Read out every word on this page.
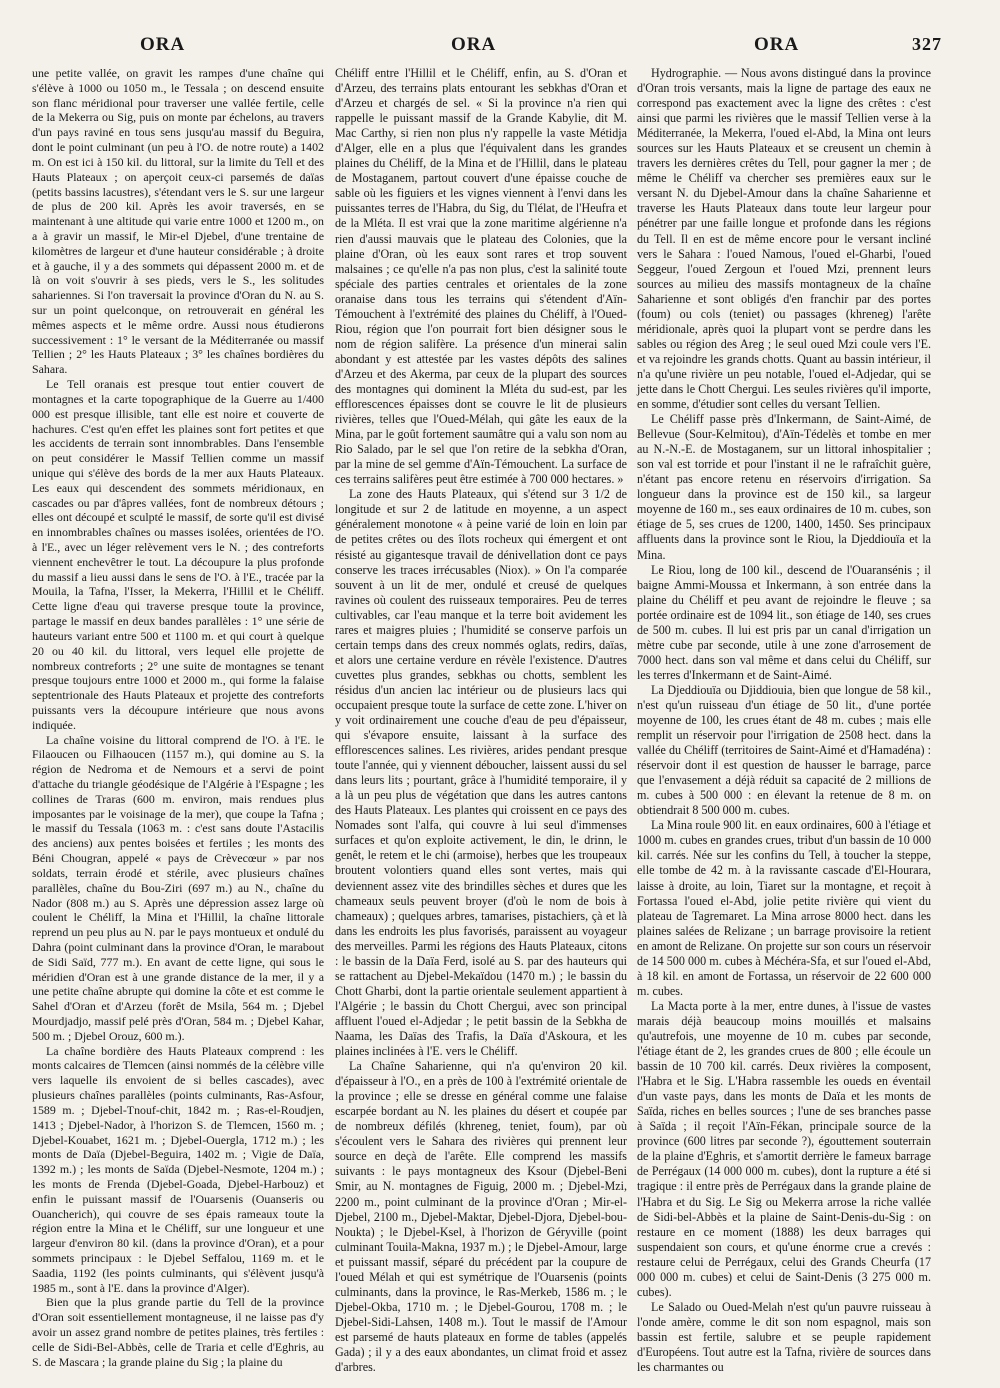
ORA	ORA	ORA	327

une petite vallée, on gravit les rampes d'une chaîne qui s'élève à 1000 ou 1050 m., le Tessala ; on descend ensuite son flanc méridional pour traverser une vallée fertile, celle de la Mekerra ou Sig, puis on monte par échelons, au travers d'un pays raviné en tous sens jusqu'au massif du Beguira, dont le point culminant (un peu à l'O. de notre route) a 1402 m. On est ici à 150 kil. du littoral, sur la limite du Tell et des Hauts Plateaux ; on aperçoit ceux-ci parsemés de daïas (petits bassins lacustres), s'étendant vers le S. sur une largeur de plus de 200 kil. Après les avoir traversés, en se maintenant à une altitude qui varie entre 1000 et 1200 m., on a à gravir un massif, le Mir-el Djebel, d'une trentaine de kilomètres de largeur et d'une hauteur considérable ; à droite et à gauche, il y a des sommets qui dépassent 2000 m. et de là on voit s'ouvrir à ses pieds, vers le S., les solitudes sahariennes. Si l'on traversait la province d'Oran du N. au S. sur un point quelconque, on retrouverait en général les mêmes aspects et le même ordre. Aussi nous étudierons successivement : 1° le versant de la Méditerranée ou massif Tellien ; 2° les Hauts Plateaux ; 3° les chaînes bordières du Sahara.

Le Tell oranais est presque tout entier couvert de montagnes et la carte topographique de la Guerre au 1/400 000 est presque illisible, tant elle est noire et couverte de hachures. C'est qu'en effet les plaines sont fort petites et que les accidents de terrain sont innombrables. Dans l'ensemble on peut considérer le Massif Tellien comme un massif unique qui s'élève des bords de la mer aux Hauts Plateaux. Les eaux qui descendent des sommets méridionaux, en cascades ou par d'âpres vallées, font de nombreux détours ; elles ont découpé et sculpté le massif, de sorte qu'il est divisé en innombrables chaînes ou masses isolées, orientées de l'O. à l'E., avec un léger relèvement vers le N. ; des contreforts viennent enchevêtrer le tout. La découpure la plus profonde du massif a lieu aussi dans le sens de l'O. à l'E., tracée par la Mouila, la Tafna, l'Isser, la Mekerra, l'Hillil et le Chéliff. Cette ligne d'eau qui traverse presque toute la province, partage le massif en deux bandes parallèles : 1° une série de hauteurs variant entre 500 et 1100 m. et qui court à quelque 20 ou 40 kil. du littoral, vers lequel elle projette de nombreux contreforts ; 2° une suite de montagnes se tenant presque toujours entre 1000 et 2000 m., qui forme la falaise septentrionale des Hauts Plateaux et projette des contreforts puissants vers la découpure intérieure que nous avons indiquée.

La chaîne voisine du littoral comprend de l'O. à l'E. le Filaoucen ou Filhaoucen (1157 m.), qui domine au S. la région de Nedroma et de Nemours et a servi de point d'attache du triangle géodésique de l'Algérie à l'Espagne ; les collines de Traras (600 m. environ, mais rendues plus imposantes par le voisinage de la mer), que coupe la Tafna ; le massif du Tessala (1063 m. : c'est sans doute l'Astacilis des anciens) aux pentes boisées et fertiles ; les monts des Béni Chougran, appelé « pays de Crèvecœur » par nos soldats, terrain érodé et stérile, avec plusieurs chaînes parallèles, chaîne du Bou-Ziri (697 m.) au N., chaîne du Nador (808 m.) au S. Après une dépression assez large où coulent le Chéliff, la Mina et l'Hillil, la chaîne littorale reprend un peu plus au N. par le pays montueux et ondulé du Dahra (point culminant dans la province d'Oran, le marabout de Sidi Saïd, 777 m.). En avant de cette ligne, qui sous le méridien d'Oran est à une grande distance de la mer, il y a une petite chaîne abrupte qui domine la côte et est comme le Sahel d'Oran et d'Arzeu (forêt de Msila, 564 m. ; Djebel Mourdjadjo, massif pelé près d'Oran, 584 m. ; Djebel Kahar, 500 m. ; Djebel Orouz, 600 m.).

La chaîne bordière des Hauts Plateaux comprend : les monts calcaires de Tlemcen (ainsi nommés de la célèbre ville vers laquelle ils envoient de si belles cascades), avec plusieurs chaînes parallèles (points culminants, Ras-Asfour, 1589 m. ; Djebel-Tnouf-chit, 1842 m. ; Ras-el-Roudjen, 1413 ; Djebel-Nador, à l'horizon S. de Tlemcen, 1560 m. ; Djebel-Kouabet, 1621 m. ; Djebel-Ouergla, 1712 m.) ; les monts de Daïa (Djebel-Beguira, 1402 m. ; Vigie de Daïa, 1392 m.) ; les monts de Saïda (Djebel-Nesmote, 1204 m.) ; les monts de Frenda (Djebel-Goada, Djebel-Harbouz) et enfin le puissant massif de l'Ouarsenis (Ouanseris ou Ouancherich), qui couvre de ses épais rameaux toute la région entre la Mina et le Chéliff, sur une longueur et une largeur d'environ 80 kil. (dans la province d'Oran), et a pour sommets principaux : le Djebel Seffalou, 1169 m. et le Saadia, 1192 (les points culminants, qui s'élèvent jusqu'à 1985 m., sont à l'E. dans la province d'Alger).

Bien que la plus grande partie du Tell de la province d'Oran soit essentiellement montagneuse, il ne laisse pas d'y avoir un assez grand nombre de petites plaines, très fertiles : celle de Sidi-Bel-Abbès, celle de Traria et celle d'Eghris, au S. de Mascara ; la grande plaine du Sig ; la plaine du

Chéliff entre l'Hillil et le Chéliff, enfin, au S. d'Oran et d'Arzeu, des terrains plats entourant les sebkhas d'Oran et d'Arzeu et chargés de sel. « Si la province n'a rien qui rappelle le puissant massif de la Grande Kabylie, dit M. Mac Carthy, si rien non plus n'y rappelle la vaste Métidja d'Alger, elle en a plus que l'équivalent dans les grandes plaines du Chéliff, de la Mina et de l'Hillil, dans le plateau de Mostaganem, partout couvert d'une épaisse couche de sable où les figuiers et les vignes viennent à l'envi dans les puissantes terres de l'Habra, du Sig, du Tlélat, de l'Heufra et de la Mléta. Il est vrai que la zone maritime algérienne n'a rien d'aussi mauvais que le plateau des Colonies, que la plaine d'Oran, où les eaux sont rares et trop souvent malsaines ; ce qu'elle n'a pas non plus, c'est la salinité toute spéciale des parties centrales et orientales de la zone oranaise dans tous les terrains qui s'étendent d'Aïn-Témouchent à l'extrémité des plaines du Chéliff, à l'Oued-Riou, région que l'on pourrait fort bien désigner sous le nom de région salifère. La présence d'un minerai salin abondant y est attestée par les vastes dépôts des salines d'Arzeu et des Akerma, par ceux de la plupart des sources des montagnes qui dominent la Mléta du sud-est, par les efflorescences épaisses dont se couvre le lit de plusieurs rivières, telles que l'Oued-Mélah, qui gâte les eaux de la Mina, par le goût fortement saumâtre qui a valu son nom au Rio Salado, par le sel que l'on retire de la sebkha d'Oran, par la mine de sel gemme d'Aïn-Témouchent. La surface de ces terrains salifères peut être estimée à 700 000 hectares. »

La zone des Hauts Plateaux, qui s'étend sur 3 1/2 de longitude et sur 2 de latitude en moyenne, a un aspect généralement monotone « à peine varié de loin en loin par de petites crêtes ou des îlots rocheux qui émergent et ont résisté au gigantesque travail de dénivellation dont ce pays conserve les traces irrécusables (Niox). » On l'a comparée souvent à un lit de mer, ondulé et creusé de quelques ravines où coulent des ruisseaux temporaires. Peu de terres cultivables, car l'eau manque et la terre boit avidement les rares et maigres pluies ; l'humidité se conserve parfois un certain temps dans des creux nommés oglats, redirs, daïas, et alors une certaine verdure en révèle l'existence. D'autres cuvettes plus grandes, sebkhas ou chotts, semblent les résidus d'un ancien lac intérieur ou de plusieurs lacs qui occupaient presque toute la surface de cette zone. L'hiver on y voit ordinairement une couche d'eau de peu d'épaisseur, qui s'évapore ensuite, laissant à la surface des efflorescences salines. Les rivières, arides pendant presque toute l'année, qui y viennent déboucher, laissent aussi du sel dans leurs lits ; pourtant, grâce à l'humidité temporaire, il y a là un peu plus de végétation que dans les autres cantons des Hauts Plateaux. Les plantes qui croissent en ce pays des Nomades sont l'alfa, qui couvre à lui seul d'immenses surfaces et qu'on exploite activement, le din, le drinn, le genêt, le retem et le chi (armoise), herbes que les troupeaux broutent volontiers quand elles sont vertes, mais qui deviennent assez vite des brindilles sèches et dures que les chameaux seuls peuvent broyer (d'où le nom de bois à chameaux) ; quelques arbres, tamarises, pistachiers, çà et là dans les endroits les plus favorisés, paraissent au voyageur des merveilles. Parmi les régions des Hauts Plateaux, citons : le bassin de la Daïa Ferd, isolé au S. par des hauteurs qui se rattachent au Djebel-Mekaïdou (1470 m.) ; le bassin du Chott Gharbi, dont la partie orientale seulement appartient à l'Algérie ; le bassin du Chott Chergui, avec son principal affluent l'oued el-Adjedar ; le petit bassin de la Sebkha de Naama, les Daïas des Trafis, la Daïa d'Askoura, et les plaines inclinées à l'E. vers le Chéliff.

La Chaîne Saharienne, qui n'a qu'environ 20 kil. d'épaisseur à l'O., en a près de 100 à l'extrémité orientale de la province ; elle se dresse en général comme une falaise escarpée bordant au N. les plaines du désert et coupée par de nombreux défilés (khreneg, teniet, foum), par où s'écoulent vers le Sahara des rivières qui prennent leur source en deçà de l'arête. Elle comprend les massifs suivants : le pays montagneux des Ksour (Djebel-Beni Smir, au N. montagnes de Figuig, 2000 m. ; Djebel-Mzi, 2200 m., point culminant de la province d'Oran ; Mir-el-Djebel, 2100 m., Djebel-Maktar, Djebel-Djora, Djebel-bou-Noukta) ; le Djebel-Ksel, à l'horizon de Géryville (point culminant Touila-Makna, 1937 m.) ; le Djebel-Amour, large et puissant massif, séparé du précédent par la coupure de l'oued Mélah et qui est symétrique de l'Ouarsenis (points culminants, dans la province, le Ras-Merkeb, 1586 m. ; le Djebel-Okba, 1710 m. ; le Djebel-Gourou, 1708 m. ; le Djebel-Sidi-Lahsen, 1408 m.). Tout le massif de l'Amour est parsemé de hauts plateaux en forme de tables (appelés Gada) ; il y a des eaux abondantes, un climat froid et assez d'arbres.

Hydrographie. — Nous avons distingué dans la province d'Oran trois versants, mais la ligne de partage des eaux ne correspond pas exactement avec la ligne des crêtes : c'est ainsi que parmi les rivières que le massif Tellien verse à la Méditerranée, la Mekerra, l'oued el-Abd, la Mina ont leurs sources sur les Hauts Plateaux et se creusent un chemin à travers les dernières crêtes du Tell, pour gagner la mer ; de même le Chéliff va chercher ses premières eaux sur le versant N. du Djebel-Amour dans la chaîne Saharienne et traverse les Hauts Plateaux dans toute leur largeur pour pénétrer par une faille longue et profonde dans les régions du Tell. Il en est de même encore pour le versant incliné vers le Sahara : l'oued Namous, l'oued el-Gharbi, l'oued Seggeur, l'oued Zergoun et l'oued Mzi, prennent leurs sources au milieu des massifs montagneux de la chaîne Saharienne et sont obligés d'en franchir par des portes (foum) ou cols (teniet) ou passages (khreneg) l'arête méridionale, après quoi la plupart vont se perdre dans les sables ou région des Areg ; le seul oued Mzi coule vers l'E. et va rejoindre les grands chotts. Quant au bassin intérieur, il n'a qu'une rivière un peu notable, l'oued el-Adjedar, qui se jette dans le Chott Chergui. Les seules rivières qu'il importe, en somme, d'étudier sont celles du versant Tellien.

Le Chéliff passe près d'Inkermann, de Saint-Aimé, de Bellevue (Sour-Kelmitou), d'Aïn-Tédelès et tombe en mer au N.-N.-E. de Mostaganem, sur un littoral inhospitalier ; son val est torride et pour l'instant il ne le rafraîchit guère, n'étant pas encore retenu en réservoirs d'irrigation. Sa longueur dans la province est de 150 kil., sa largeur moyenne de 160 m., ses eaux ordinaires de 10 m. cubes, son étiage de 5, ses crues de 1200, 1400, 1450. Ses principaux affluents dans la province sont le Riou, la Djeddiouïa et la Mina.

Le Riou, long de 100 kil., descend de l'Ouaransénis ; il baigne Ammi-Moussa et Inkermann, à son entrée dans la plaine du Chéliff et peu avant de rejoindre le fleuve ; sa portée ordinaire est de 1094 lit., son étiage de 140, ses crues de 500 m. cubes. Il lui est pris par un canal d'irrigation un mètre cube par seconde, utile à une zone d'arrosement de 7000 hect. dans son val même et dans celui du Chéliff, sur les terres d'Inkermann et de Saint-Aimé.

La Djeddiouïa ou Djiddiouia, bien que longue de 58 kil., n'est qu'un ruisseau d'un étiage de 50 lit., d'une portée moyenne de 100, les crues étant de 48 m. cubes ; mais elle remplit un réservoir pour l'irrigation de 2508 hect. dans la vallée du Chéliff (territoires de Saint-Aimé et d'Hamadéna) : réservoir dont il est question de hausser le barrage, parce que l'envasement a déjà réduit sa capacité de 2 millions de m. cubes à 500 000 : en élevant la retenue de 8 m. on obtiendrait 8 500 000 m. cubes.

La Mina roule 900 lit. en eaux ordinaires, 600 à l'étiage et 1000 m. cubes en grandes crues, tribut d'un bassin de 10 000 kil. carrés. Née sur les confins du Tell, à toucher la steppe, elle tombe de 42 m. à la ravissante cascade d'El-Hourara, laisse à droite, au loin, Tiaret sur la montagne, et reçoit à Fortassa l'oued el-Abd, jolie petite rivière qui vient du plateau de Tagremaret. La Mina arrose 8000 hect. dans les plaines salées de Relizane ; un barrage provisoire la retient en amont de Relizane. On projette sur son cours un réservoir de 14 500 000 m. cubes à Méchéra-Sfa, et sur l'oued el-Abd, à 18 kil. en amont de Fortassa, un réservoir de 22 600 000 m. cubes.

La Macta porte à la mer, entre dunes, à l'issue de vastes marais déjà beaucoup moins mouillés et malsains qu'autrefois, une moyenne de 10 m. cubes par seconde, l'étiage étant de 2, les grandes crues de 800 ; elle écoule un bassin de 10 700 kil. carrés. Deux rivières la composent, l'Habra et le Sig. L'Habra rassemble les oueds en éventail d'un vaste pays, dans les monts de Daïa et les monts de Saïda, riches en belles sources ; l'une de ses branches passe à Saïda ; il reçoit l'Aïn-Fékan, principale source de la province (600 litres par seconde ?), égouttement souterrain de la plaine d'Eghris, et s'amortit derrière le fameux barrage de Perrégaux (14 000 000 m. cubes), dont la rupture a été si tragique : il entre près de Perrégaux dans la grande plaine de l'Habra et du Sig. Le Sig ou Mekerra arrose la riche vallée de Sidi-bel-Abbès et la plaine de Saint-Denis-du-Sig : on restaure en ce moment (1888) les deux barrages qui suspendaient son cours, et qu'une énorme crue a crevés : restaure celui de Perrégaux, celui des Grands Cheurfa (17 000 000 m. cubes) et celui de Saint-Denis (3 275 000 m. cubes).

Le Salado ou Oued-Melah n'est qu'un pauvre ruisseau à l'onde amère, comme le dit son nom espagnol, mais son bassin est fertile, salubre et se peuple rapidement d'Européens. Tout autre est la Tafna, rivière de sources dans les charmantes ou
